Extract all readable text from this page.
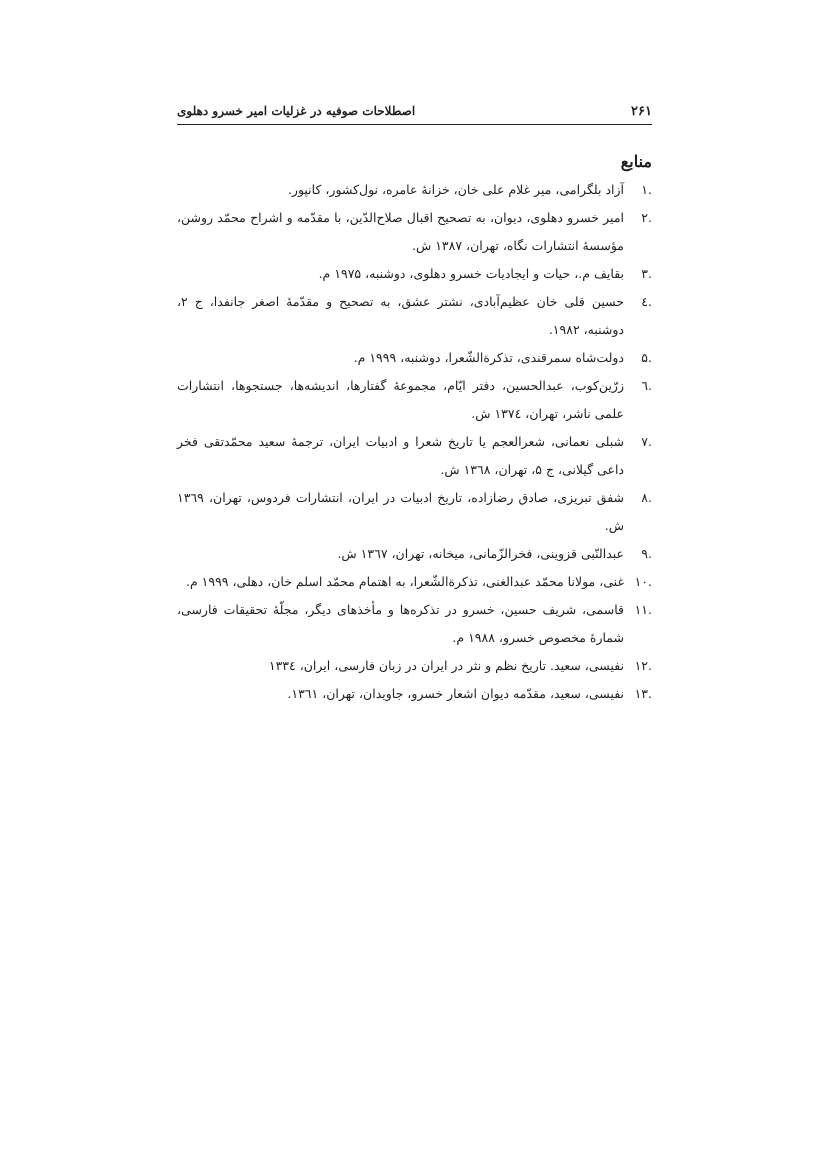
۲۶۱
اصطلاحات صوفیه در غزلیات امیر خسرو دهلوی
منابع
.۱
آزاد بلگرامی، میر غلام علی خان، خزانهٔ عامره، نول‌کشور، کانپور.
.۲
امیر خسرو دهلوی، دیوان، به تصحیح اقبال صلاح‌الدّین، با مقدّمه و اشراح محمّد روشن، مؤسسهٔ انتشارات نگاه، تهران، ۱۳۸۷ ش.
.۳
بقایف م.، حیات و ایجادیات خسرو دهلوی، دوشنبه، ۱۹۷۵ م.
.٤
حسین قلی خان عظیم‌آبادی، نشتر عشق، به تصحیح و مقدّمهٔ اصغر جانفدا، ج ۲، دوشنبه، ۱۹۸۲.
.۵
دولت‌شاه سمرقندی، تذکرةالشّعرا، دوشنبه، ۱۹۹۹ م.
.٦
زرّین‌کوب، عبدالحسین، دفتر ایّام، مجموعهٔ گفتارها، اندیشه‌ها، جستجوها، انتشارات علمی ناشر، تهران، ۱۳۷٤ ش.
.۷
شبلی نعمانی، شعرالعجم یا تاریخ شعرا و ادبیات ایران، ترجمهٔ سعید محمّدتقی فخر داعی گیلانی، ج ۵، تهران، ۱۳٦۸ ش.
.۸
شفق تبریزی، صادق رضازاده، تاریخ ادبیات در ایران، انتشارات فردوس، تهران، ۱۳٦۹ ش.
.۹
عبدالنّبی قزوینی، فخرالزّمانی، میخانه، تهران، ۱۳٦۷ ش.
.۱۰
غنی، مولانا محمّد عبدالغنی، تذکرةالشّعرا، به اهتمام محمّد اسلم خان، دهلی، ۱۹۹۹ م.
.۱۱
قاسمی، شریف حسین، خسرو در تذکره‌ها و مأخذهای دیگر، مجلّهٔ تحقیقات فارسی، شمارهٔ مخصوص خسرو، ۱۹۸۸ م.
.۱۲
نفیسی، سعید. تاریخ نظم و نثر در ایران در زبان فارسی، ایران، ۱۳۳٤
.۱۳
نفیسی، سعید، مقدّمه دیوان اشعار خسرو، جاویدان، تهران، ۱۳٦۱.
